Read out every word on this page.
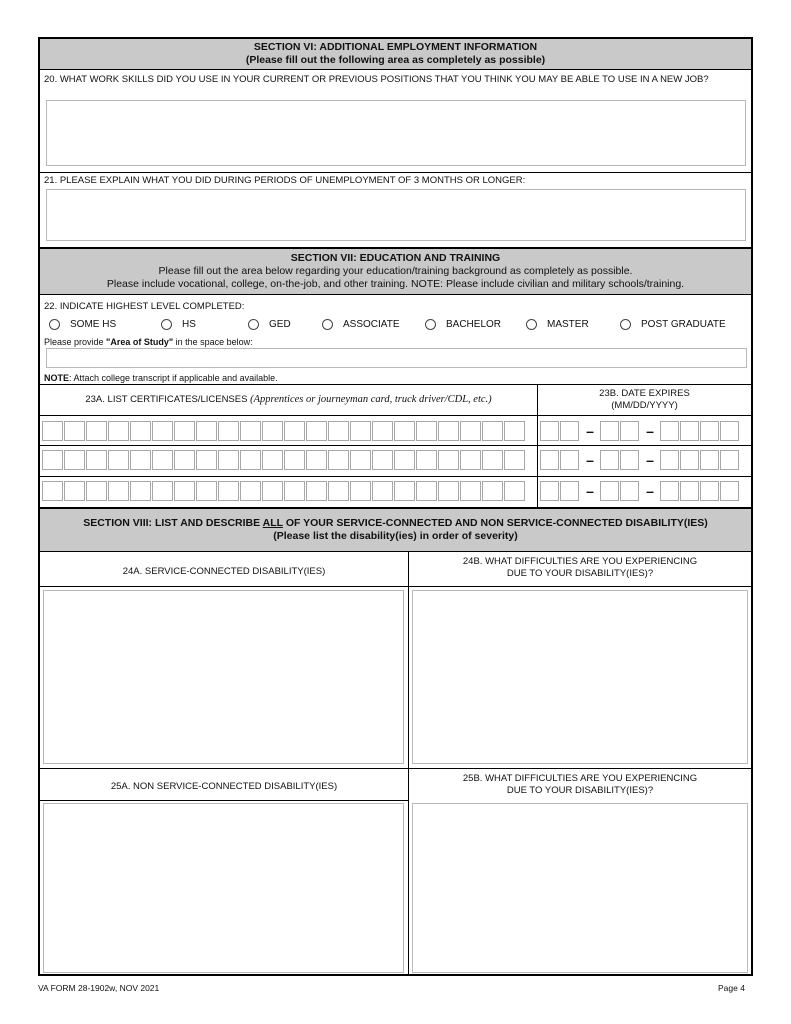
SECTION VI: ADDITIONAL EMPLOYMENT INFORMATION
(Please fill out the following area as completely as possible)
20. WHAT WORK SKILLS DID YOU USE IN YOUR CURRENT OR PREVIOUS POSITIONS THAT YOU THINK YOU MAY BE ABLE TO USE IN A NEW JOB?
21. PLEASE EXPLAIN WHAT YOU DID DURING PERIODS OF UNEMPLOYMENT OF 3 MONTHS OR LONGER:
SECTION VII: EDUCATION AND TRAINING
Please fill out the area below regarding your education/training background as completely as possible.
Please include vocational, college, on-the-job, and other training. NOTE: Please include civilian and military schools/training.
22. INDICATE HIGHEST LEVEL COMPLETED:
SOME HS	HS	GED	ASSOCIATE	BACHELOR	MASTER	POST GRADUATE
Please provide "Area of Study" in the space below:
NOTE: Attach college transcript if applicable and available.
23A. LIST CERTIFICATES/LICENSES (Apprentices or journeyman card, truck driver/CDL, etc.)
23B. DATE EXPIRES
(MM/DD/YYYY)
–	–
–	–
–	–
SECTION VIII: LIST AND DESCRIBE ALL OF YOUR SERVICE-CONNECTED AND NON SERVICE-CONNECTED DISABILITY(IES)
(Please list the disability(ies) in order of severity)
24A. SERVICE-CONNECTED DISABILITY(IES)
24B. WHAT DIFFICULTIES ARE YOU EXPERIENCING
DUE TO YOUR DISABILITY(IES)?
25A. NON SERVICE-CONNECTED DISABILITY(IES)
25B. WHAT DIFFICULTIES ARE YOU EXPERIENCING
DUE TO YOUR DISABILITY(IES)?
VA FORM 28-1902w, NOV 2021	Page 4
